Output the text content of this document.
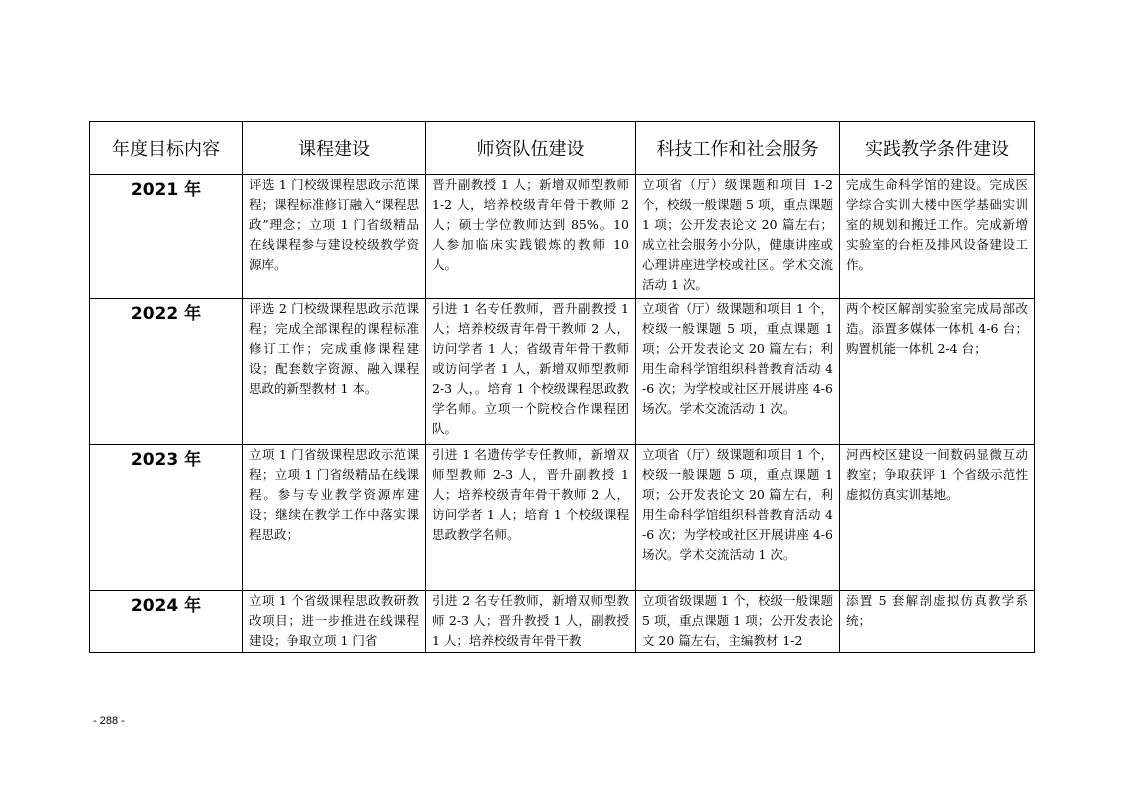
年度目标内容	课程建设	师资队伍建设	科技工作和社会服务	实践教学条件建设
2021 年	评选 1 门校级课程思政示范课程；课程标准修订融入“课程思政”理念；立项 1 门省级精品在线课程参与建设校级教学资源库。	晋升副教授 1 人；新增双师型教师 1-2 人，培养校级青年骨干教师 2 人；硕士学位教师达到 85%。10 人参加临床实践锻炼的教师 10 人。	立项省（厅）级课题和项目 1-2 个，校级一般课题 5 项，重点课题 1 项；公开发表论文 20 篇左右；成立社会服务小分队，健康讲座或心理讲座进学校或社区。学术交流活动 1 次。	完成生命科学馆的建设。完成医学综合实训大楼中医学基础实训室的规划和搬迁工作。完成新增实验室的台柜及排风设备建设工作。
2022 年	评选 2 门校级课程思政示范课程；完成全部课程的课程标准修订工作；完成重修课程建设；配套数字资源、融入课程思政的新型教材 1 本。	引进 1 名专任教师，晋升副教授 1 人；培养校级青年骨干教师 2 人，访问学者 1 人；省级青年骨干教师或访问学者 1 人，新增双师型教师 2-3 人，。培育 1 个校级课程思政教学名师。立项一个院校合作课程团队。	立项省（厅）级课题和项目 1 个，校级一般课题 5 项，重点课题 1 项；公开发表论文 20 篇左右；利用生命科学馆组织科普教育活动 4-6 次；为学校或社区开展讲座 4-6 场次。学术交流活动 1 次。	两个校区解剖实验室完成局部改造。添置多媒体一体机 4-6 台；购置机能一体机 2-4 台；
2023 年	立项 1 门省级课程思政示范课程；立项 1 门省级精品在线课程。参与专业教学资源库建设；继续在教学工作中落实课程思政；	引进 1 名遗传学专任教师，新增双师型教师 2-3 人，晋升副教授 1 人；培养校级青年骨干教师 2 人，访问学者 1 人；培育 1 个校级课程思政教学名师。	立项省（厅）级课题和项目 1 个，校级一般课题 5 项，重点课题 1 项；公开发表论文 20 篇左右，利用生命科学馆组织科普教育活动 4-6 次；为学校或社区开展讲座 4-6 场次。学术交流活动 1 次。	河西校区建设一间数码显微互动教室；争取获评 1 个省级示范性虚拟仿真实训基地。
2024 年	立项 1 个省级课程思政教研教改项目；进一步推进在线课程建设；争取立项 1 门省	引进 2 名专任教师，新增双师型教师 2-3 人；晋升教授 1 人，副教授 1 人；培养校级青年骨干教	立项省级课题 1 个，校级一般课题 5 项，重点课题 1 项；公开发表论文 20 篇左右，主编教材 1-2	添置 5 套解剖虚拟仿真教学系统；
- 288 -
